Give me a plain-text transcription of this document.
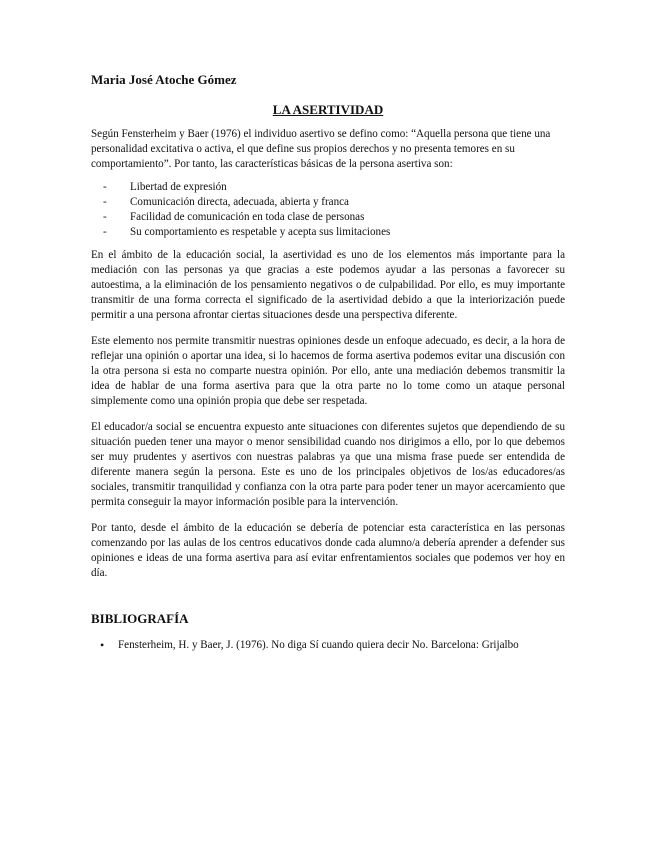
Maria José Atoche Gómez
LA ASERTIVIDAD

Según Fensterheim y Baer (1976) el individuo asertivo se defino como: “Aquella persona que tiene una personalidad excitativa o activa, el que define sus propios derechos y no presenta temores en su comportamiento”. Por tanto, las características básicas de la persona asertiva son:

- Libertad de expresión
- Comunicación directa, adecuada, abierta y franca
- Facilidad de comunicación en toda clase de personas
- Su comportamiento es respetable y acepta sus limitaciones

En el ámbito de la educación social, la asertividad es uno de los elementos más importante para la mediación con las personas ya que gracias a este podemos ayudar a las personas a favorecer su autoestima, a la eliminación de los pensamiento negativos o de culpabilidad. Por ello, es muy importante transmitir de una forma correcta el significado de la asertividad debido a que la interiorización puede permitir a una persona afrontar ciertas situaciones desde una perspectiva diferente.

Este elemento nos permite transmitir nuestras opiniones desde un enfoque adecuado, es decir, a la hora de reflejar una opinión o aportar una idea, si lo hacemos de forma asertiva podemos evitar una discusión con la otra persona si esta no comparte nuestra opinión. Por ello, ante una mediación debemos transmitir la idea de hablar de una forma asertiva para que la otra parte no lo tome como un ataque personal simplemente como una opinión propia que debe ser respetada.

El educador/a social se encuentra expuesto ante situaciones con diferentes sujetos que dependiendo de su situación pueden tener una mayor o menor sensibilidad cuando nos dirigimos a ello, por lo que debemos ser muy prudentes y asertivos con nuestras palabras ya que una misma frase puede ser entendida de diferente manera según la persona. Este es uno de los principales objetivos de los/as educadores/as sociales, transmitir tranquilidad y confianza con la otra parte para poder tener un mayor acercamiento que permita conseguir la mayor información posible para la intervención.

Por tanto, desde el ámbito de la educación se debería de potenciar esta característica en las personas comenzando por las aulas de los centros educativos donde cada alumno/a debería aprender a defender sus opiniones e ideas de una forma asertiva para así evitar enfrentamientos sociales que podemos ver hoy en día.

BIBLIOGRAFÍA
• Fensterheim, H. y Baer, J. (1976). No diga Sí cuando quiera decir No. Barcelona: Grijalbo
